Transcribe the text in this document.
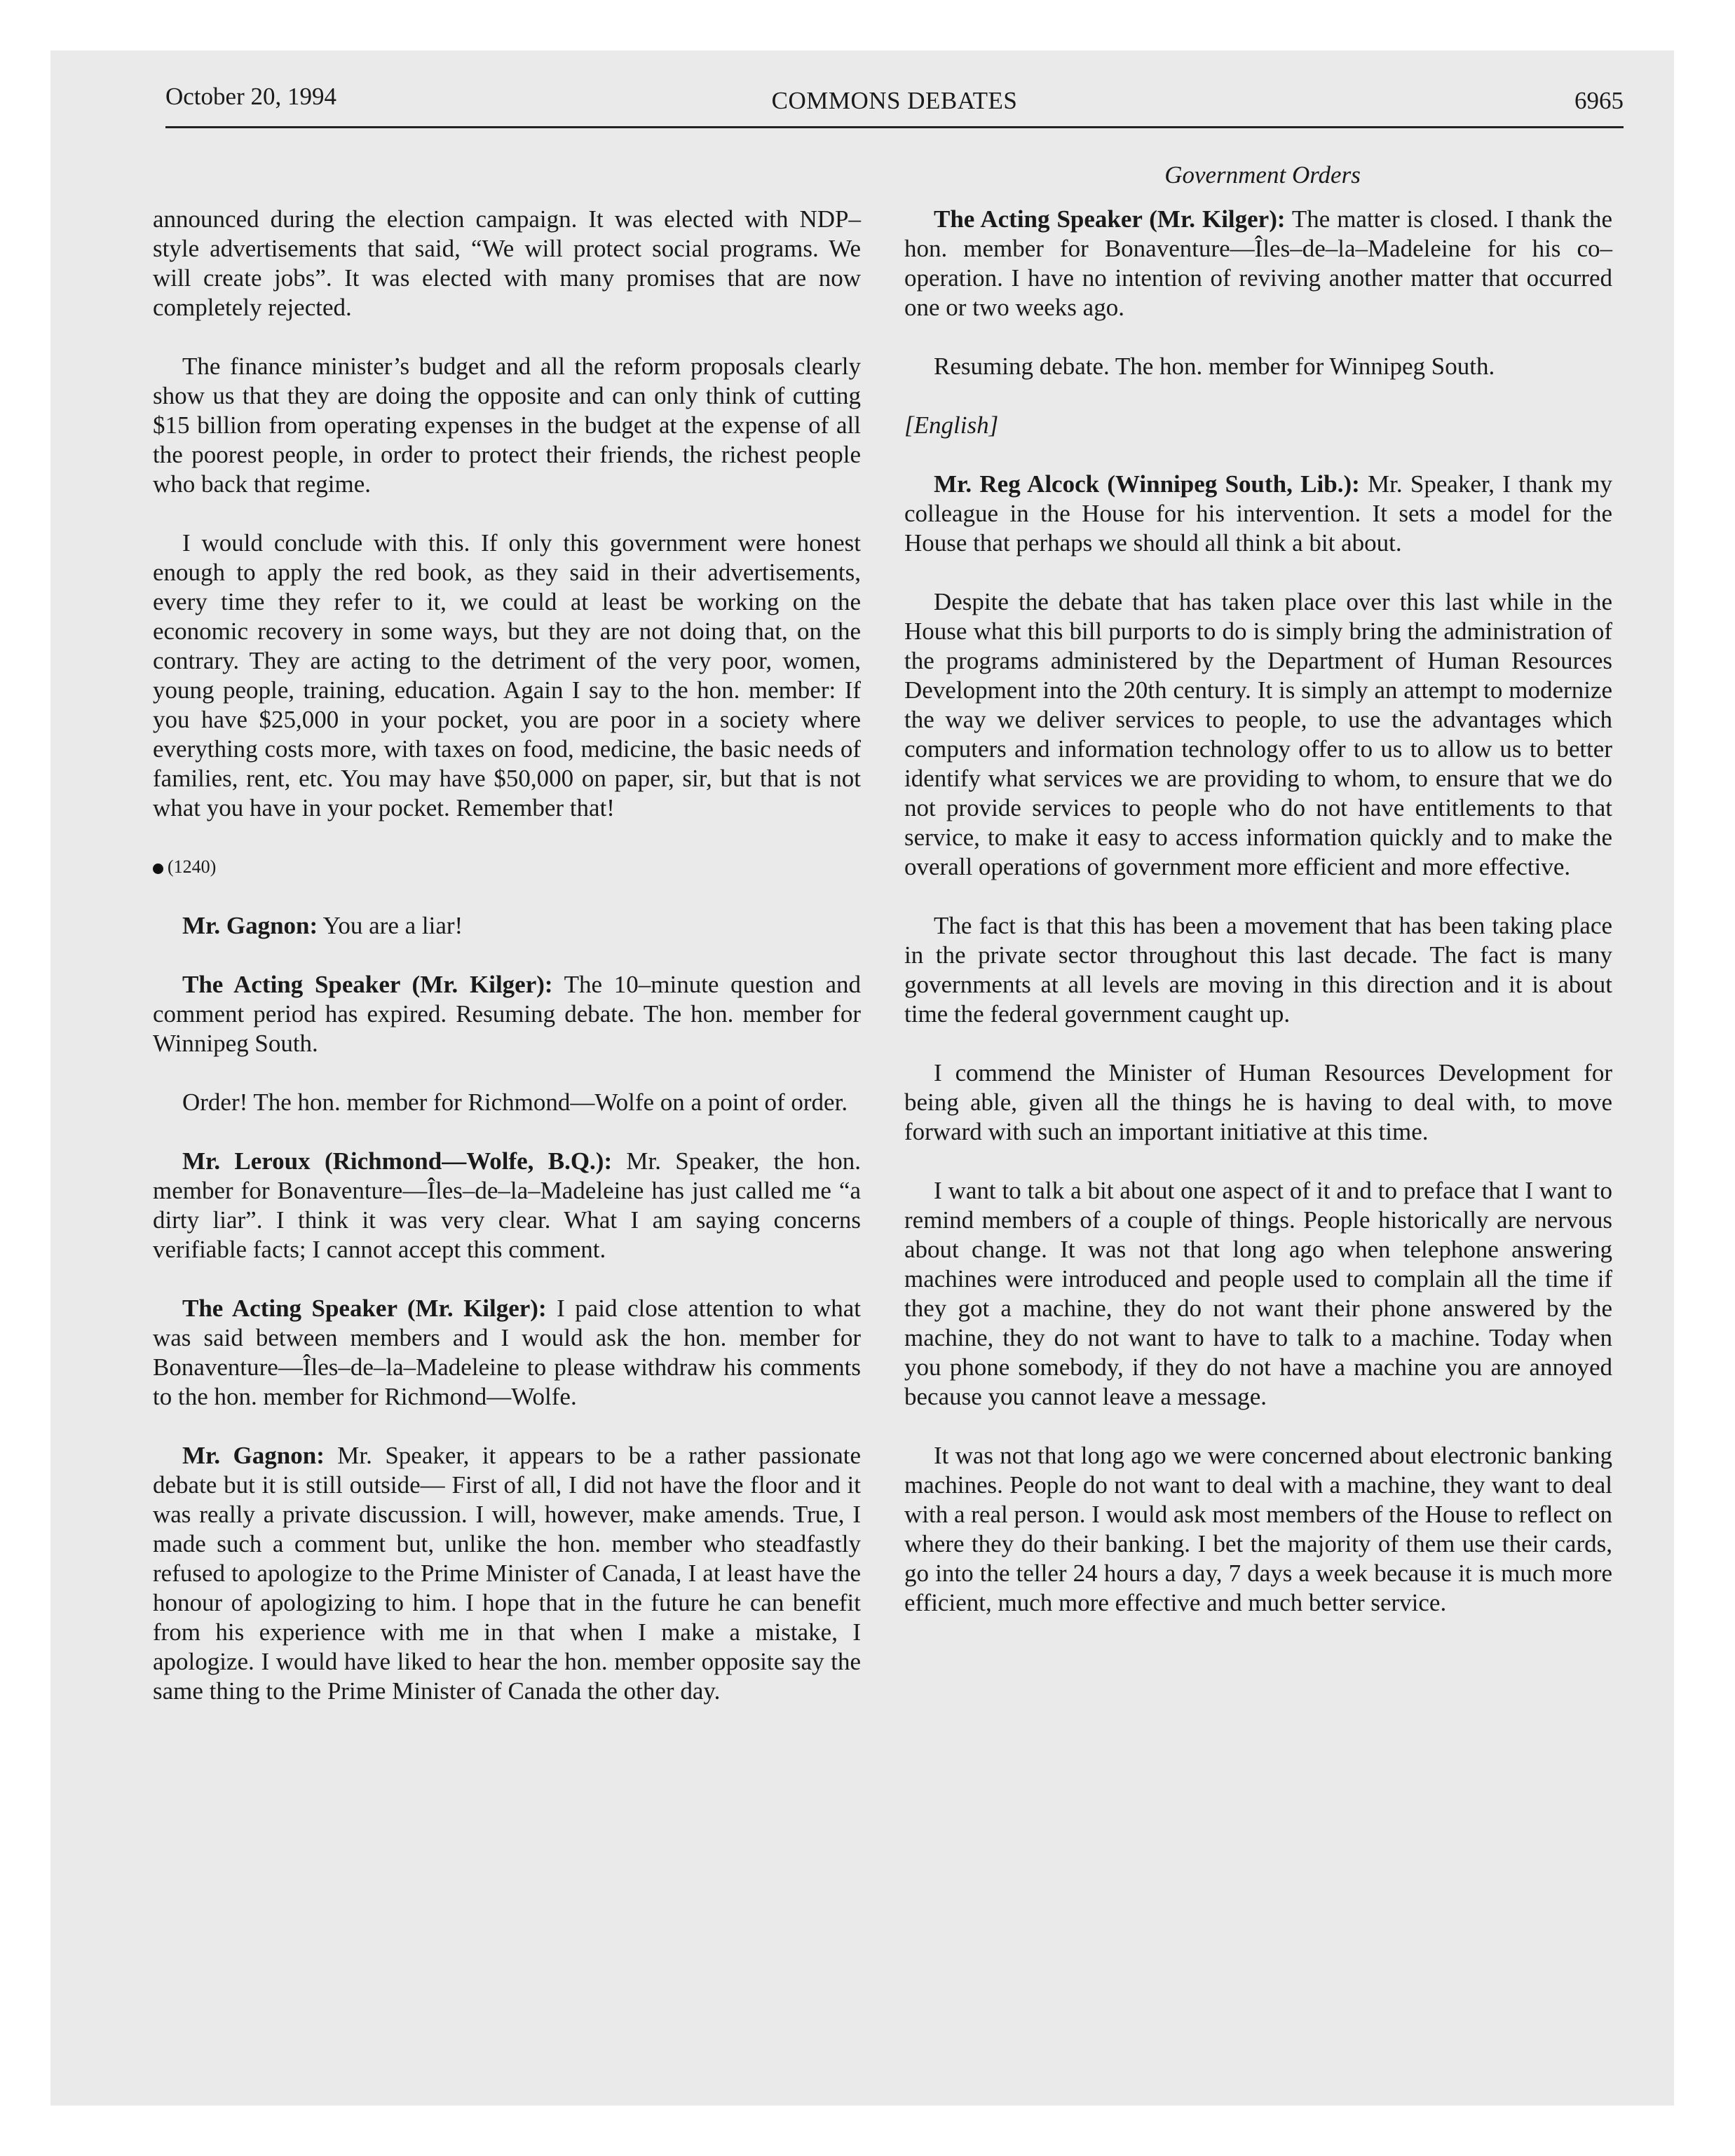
October 20, 1994	COMMONS DEBATES	6965
Government Orders

announced during the election campaign. It was elected with NDP–style advertisements that said, “We will protect social programs. We will create jobs”. It was elected with many promises that are now completely rejected.

The finance minister’s budget and all the reform proposals clearly show us that they are doing the opposite and can only think of cutting $15 billion from operating expenses in the budget at the expense of all the poorest people, in order to protect their friends, the richest people who back that regime.

I would conclude with this. If only this government were honest enough to apply the red book, as they said in their advertisements, every time they refer to it, we could at least be working on the economic recovery in some ways, but they are not doing that, on the contrary. They are acting to the detriment of the very poor, women, young people, training, education. Again I say to the hon. member: If you have $25,000 in your pocket, you are poor in a society where everything costs more, with taxes on food, medicine, the basic needs of families, rent, etc. You may have $50,000 on paper, sir, but that is not what you have in your pocket. Remember that!

(1240)

Mr. Gagnon: You are a liar!

The Acting Speaker (Mr. Kilger): The 10–minute question and comment period has expired. Resuming debate. The hon. member for Winnipeg South.

Order! The hon. member for Richmond—Wolfe on a point of order.

Mr. Leroux (Richmond—Wolfe, B.Q.): Mr. Speaker, the hon. member for Bonaventure—Îles–de–la–Madeleine has just called me “a dirty liar”. I think it was very clear. What I am saying concerns verifiable facts; I cannot accept this comment.

The Acting Speaker (Mr. Kilger): I paid close attention to what was said between members and I would ask the hon. member for Bonaventure—Îles–de–la–Madeleine to please withdraw his comments to the hon. member for Richmond—Wolfe.

Mr. Gagnon: Mr. Speaker, it appears to be a rather passionate debate but it is still outside— First of all, I did not have the floor and it was really a private discussion. I will, however, make amends. True, I made such a comment but, unlike the hon. member who steadfastly refused to apologize to the Prime Minister of Canada, I at least have the honour of apologizing to him. I hope that in the future he can benefit from his experience with me in that when I make a mistake, I apologize. I would have liked to hear the hon. member opposite say the same thing to the Prime Minister of Canada the other day.

The Acting Speaker (Mr. Kilger): The matter is closed. I thank the hon. member for Bonaventure—Îles–de–la–Madeleine for his co–operation. I have no intention of reviving another matter that occurred one or two weeks ago.

Resuming debate. The hon. member for Winnipeg South.

[English]

Mr. Reg Alcock (Winnipeg South, Lib.): Mr. Speaker, I thank my colleague in the House for his intervention. It sets a model for the House that perhaps we should all think a bit about.

Despite the debate that has taken place over this last while in the House what this bill purports to do is simply bring the administration of the programs administered by the Department of Human Resources Development into the 20th century. It is simply an attempt to modernize the way we deliver services to people, to use the advantages which computers and information technology offer to us to allow us to better identify what services we are providing to whom, to ensure that we do not provide services to people who do not have entitlements to that service, to make it easy to access information quickly and to make the overall operations of government more efficient and more effective.

The fact is that this has been a movement that has been taking place in the private sector throughout this last decade. The fact is many governments at all levels are moving in this direction and it is about time the federal government caught up.

I commend the Minister of Human Resources Development for being able, given all the things he is having to deal with, to move forward with such an important initiative at this time.

I want to talk a bit about one aspect of it and to preface that I want to remind members of a couple of things. People historically are nervous about change. It was not that long ago when telephone answering machines were introduced and people used to complain all the time if they got a machine, they do not want their phone answered by the machine, they do not want to have to talk to a machine. Today when you phone somebody, if they do not have a machine you are annoyed because you cannot leave a message.

It was not that long ago we were concerned about electronic banking machines. People do not want to deal with a machine, they want to deal with a real person. I would ask most members of the House to reflect on where they do their banking. I bet the majority of them use their cards, go into the teller 24 hours a day, 7 days a week because it is much more efficient, much more effective and much better service.
